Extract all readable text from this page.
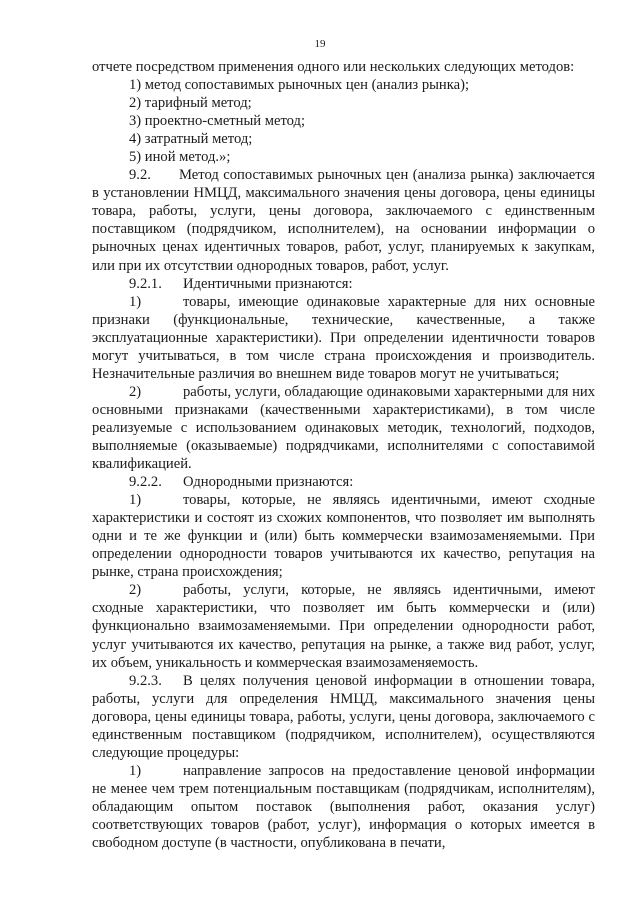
19

отчете посредством применения одного или нескольких следующих методов:

1) метод сопоставимых рыночных цен (анализ рынка);

2) тарифный метод;

3) проектно-сметный метод;

4) затратный метод;

5) иной метод.»;

9.2. Метод сопоставимых рыночных цен (анализа рынка) заключается в установлении НМЦД, максимального значения цены договора, цены единицы товара, работы, услуги, цены договора, заключаемого с единственным поставщиком (подрядчиком, исполнителем), на основании информации о рыночных ценах идентичных товаров, работ, услуг, планируемых к закупкам, или при их отсутствии однородных товаров, работ, услуг.

9.2.1. Идентичными признаются:

1)	товары, имеющие одинаковые характерные для них основные признаки (функциональные, технические, качественные, а также эксплуатационные характеристики). При определении идентичности товаров могут учитываться, в том числе страна происхождения и производитель. Незначительные различия во внешнем виде товаров могут не учитываться;

2)	работы, услуги, обладающие одинаковыми характерными для них основными признаками (качественными характеристиками), в том числе реализуемые с использованием одинаковых методик, технологий, подходов, выполняемые (оказываемые) подрядчиками, исполнителями с сопоставимой квалификацией.

9.2.2. Однородными признаются:

1)	товары, которые, не являясь идентичными, имеют сходные характеристики и состоят из схожих компонентов, что позволяет им выполнять одни и те же функции и (или) быть коммерчески взаимозаменяемыми. При определении однородности товаров учитываются их качество, репутация на рынке, страна происхождения;

2)	работы, услуги, которые, не являясь идентичными, имеют сходные характеристики, что позволяет им быть коммерчески и (или) функционально взаимозаменяемыми. При определении однородности работ, услуг учитываются их качество, репутация на рынке, а также вид работ, услуг, их объем, уникальность и коммерческая взаимозаменяемость.

9.2.3. В целях получения ценовой информации в отношении товара, работы, услуги для определения НМЦД, максимального значения цены договора, цены единицы товара, работы, услуги, цены договора, заключаемого с единственным поставщиком (подрядчиком, исполнителем), осуществляются следующие процедуры:

1)	направление запросов на предоставление ценовой информации не менее чем трем потенциальным поставщикам (подрядчикам, исполнителям), обладающим опытом поставок (выполнения работ, оказания услуг) соответствующих товаров (работ, услуг), информация о которых имеется в свободном доступе (в частности, опубликована в печати,
